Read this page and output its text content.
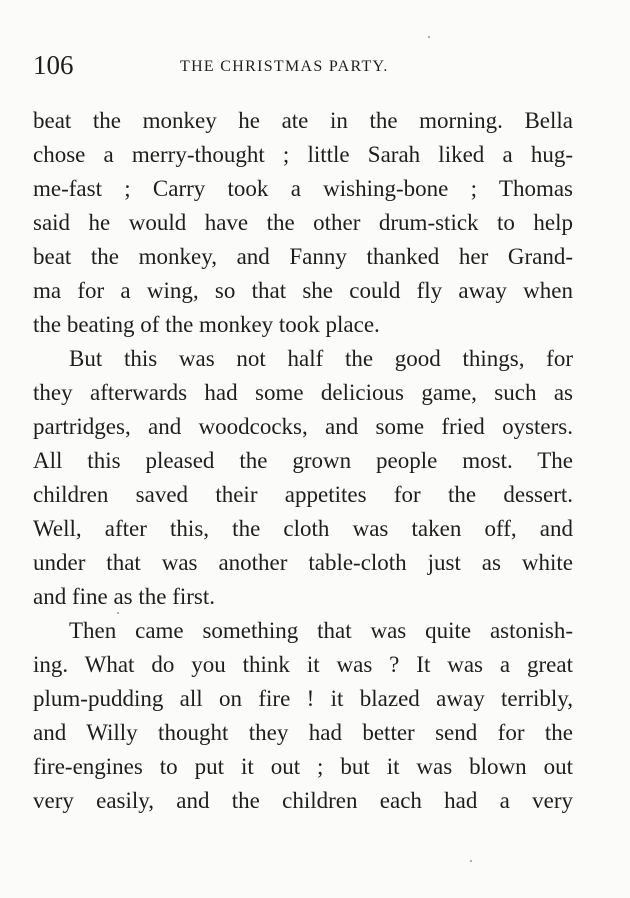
106	THE CHRISTMAS PARTY.
beat the monkey he ate in the morning. Bella
chose a merry-thought ; little Sarah liked a hug-
me-fast ; Carry took a wishing-bone ; Thomas
said he would have the other drum-stick to help
beat the monkey, and Fanny thanked her Grand-
ma for a wing, so that she could fly away when
the beating of the monkey took place.
But this was not half the good things, for
they afterwards had some delicious game, such as
partridges, and woodcocks, and some fried oysters.
All this pleased the grown people most. The
children saved their appetites for the dessert.
Well, after this, the cloth was taken off, and
under that was another table-cloth just as white
and fine as the first.
Then came something that was quite astonish-
ing. What do you think it was ? It was a great
plum-pudding all on fire ! it blazed away terribly,
and Willy thought they had better send for the
fire-engines to put it out ; but it was blown out
very easily, and the children each had a very
